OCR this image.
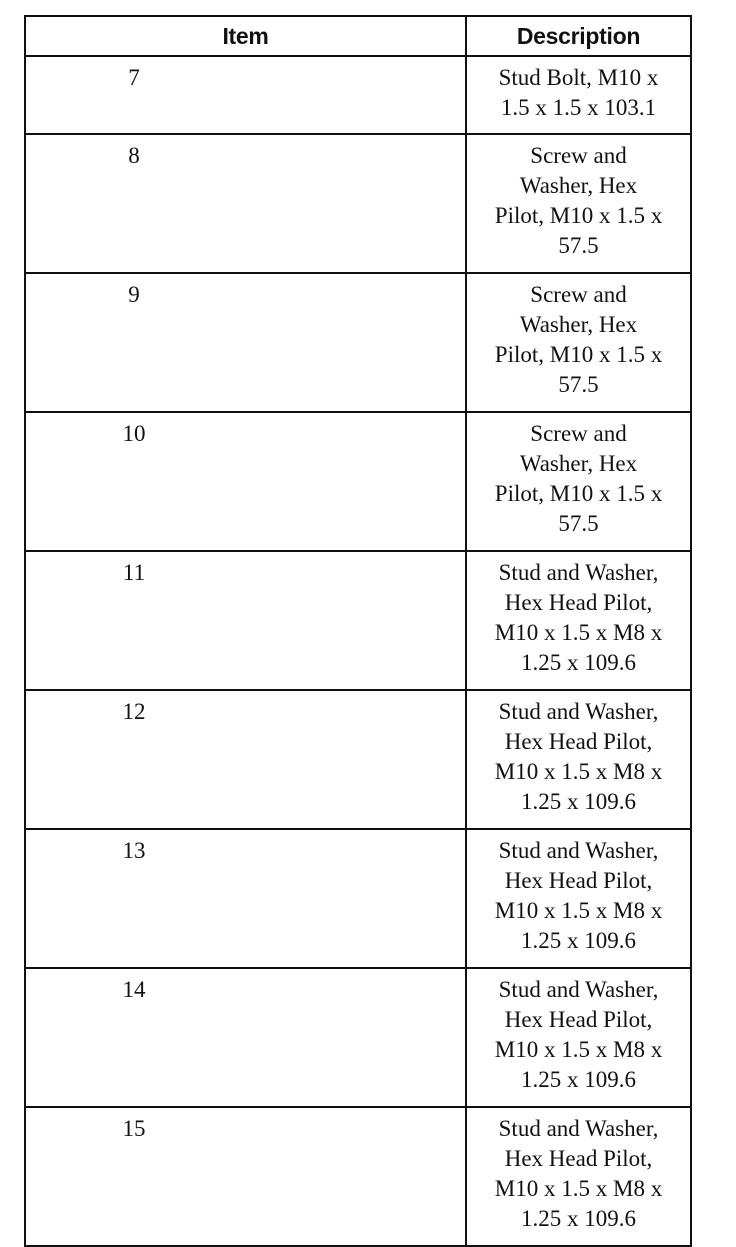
Item	Description

7	Stud Bolt, M10 x
1.5 x 1.5 x 103.1

8	Screw and
Washer, Hex
Pilot, M10 x 1.5 x
57.5

9	Screw and
Washer, Hex
Pilot, M10 x 1.5 x
57.5

10	Screw and
Washer, Hex
Pilot, M10 x 1.5 x
57.5

11	Stud and Washer,
Hex Head Pilot,
M10 x 1.5 x M8 x
1.25 x 109.6

12	Stud and Washer,
Hex Head Pilot,
M10 x 1.5 x M8 x
1.25 x 109.6

13	Stud and Washer,
Hex Head Pilot,
M10 x 1.5 x M8 x
1.25 x 109.6

14	Stud and Washer,
Hex Head Pilot,
M10 x 1.5 x M8 x
1.25 x 109.6

15	Stud and Washer,
Hex Head Pilot,
M10 x 1.5 x M8 x
1.25 x 109.6
